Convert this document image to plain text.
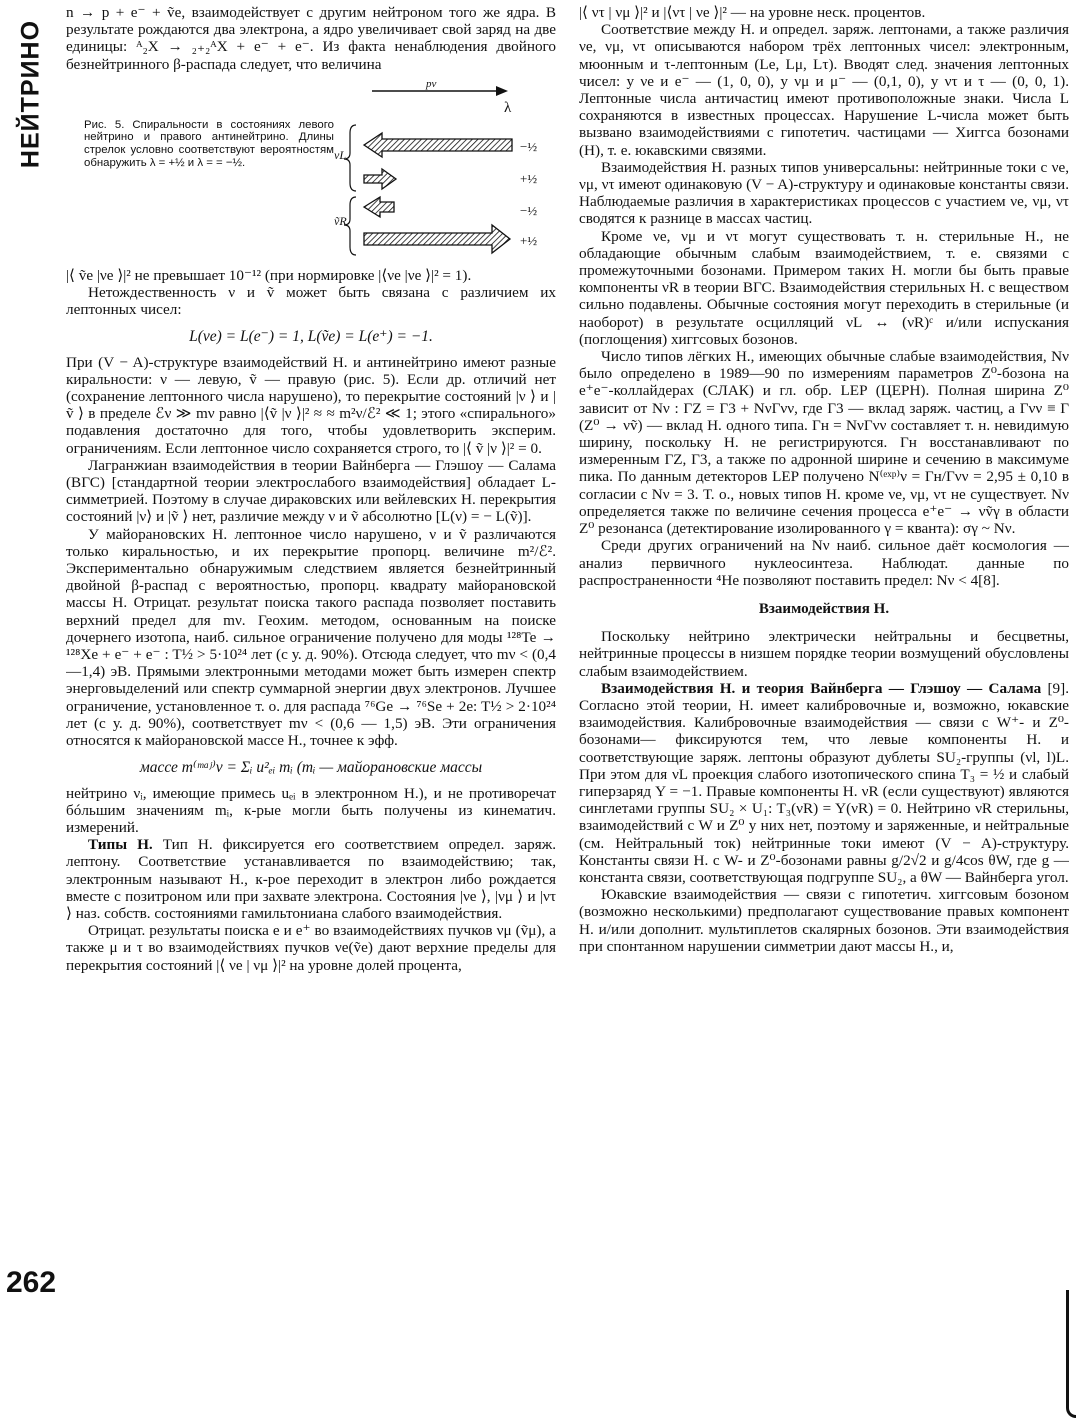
НЕЙТРИНО
262

n → p + e⁻ + ṽe, взаимодействует с другим нейтроном того же ядра. В результате рождаются два электрона, а ядро увеличивает свой заряд на две единицы: ᴬ₂X → ₂₊₂ᴬX + e⁻ + e⁻. Из факта ненаблюдения двойного безнейтринного β-распада следует, что величина

Рис. 5. Спиральности в состояниях левого нейтрино и правого антинейтрино. Длины стрелок условно соответствуют вероятностям обнаружить λ = +½ и λ = = −½.
pν
λ
νL
−½
+½
ṽR
−½
+½

|⟨ ṽe |νe ⟩|² не превышает 10⁻¹² (при нормировке |⟨νe |νe ⟩|² = 1).

Нетождественность ν и ṽ может быть связана с различием их лептонных чисел:

L(νe) = L(e⁻) = 1, L(ṽe) = L(e⁺) = −1.

При (V − A)-структуре взаимодействий Н. и антинейтрино имеют разные киральности: ν — левую, ṽ — правую (рис. 5). Если др. отличий нет (сохранение лептонного числа нарушено), то перекрытие состояний |ν ⟩ и |ṽ ⟩ в пределе ℰν ≫ mν равно |⟨ṽ |ν ⟩|² ≈ ≈ m²ν/ℰ² ≪ 1; этого «спирального» подавления достаточно для того, чтобы удовлетворить эксперим. ограничениям. Если лептонное число сохраняется строго, то |⟨ ṽ |ν ⟩|² = 0.

Лагранжиан взаимодействия в теории Вайнберга — Глэшоу — Салама (ВГС) [стандартной теории электрослабого взаимодействия] обладает L-симметрией. Поэтому в случае дираковских или вейлевских Н. перекрытия состояний |ν⟩ и |ṽ ⟩ нет, различие между ν и ṽ абсолютно [L(ν) = − L(ṽ)].

У майорановских Н. лептонное число нарушено, ν и ṽ различаются только киральностью, и их перекрытие пропорц. величине m²/ℰ². Экспериментально обнаружимым следствием является безнейтринный двойной β-распад с вероятностью, пропорц. квадрату майорановской массы Н. Отрицат. результат поиска такого распада позволяет поставить верхний предел для mν. Геохим. методом, основанным на поиске дочернего изотопа, наиб. сильное ограничение получено для моды ¹²⁸Te → ¹²⁸Xe + e⁻ + e⁻ : T½ > 5·10²⁴ лет (с у. д. 90%). Отсюда следует, что mν < (0,4—1,4) эВ. Прямыми электронными методами может быть измерен спектр энерговыделений или спектр суммарной энергии двух электронов. Лучшее ограничение, установленное т. о. для распада ⁷⁶Ge → ⁷⁶Se + 2e: T½ > 2·10²⁴ лет (с у. д. 90%), соответствует mν < (0,6 — 1,5) эВ. Эти ограничения относятся к майорановской массе Н., точнее к эфф.

массе m⁽ᵐᵃʲ⁾ν = Σᵢ u²ₑᵢ mᵢ (mᵢ — майорановские массы

нейтрино νᵢ, имеющие примесь uₑᵢ в электронном Н.), и не противоречат бóльшим значениям mᵢ, к-рые могли быть получены из кинематич. измерений.

Типы Н. Тип Н. фиксируется его соответствием определ. заряж. лептону. Соответствие устанавливается по взаимодействию; так, электронным называют Н., к-рое переходит в электрон либо рождается вместе с позитроном или при захвате электрона. Состояния |νe ⟩, |νμ ⟩ и |ντ ⟩ наз. собств. состояниями гамильтониана слабого взаимодействия.

Отрицат. результаты поиска e и e⁺ во взаимодействиях пучков νμ (ṽμ), а также μ и τ во взаимодействиях пучков νe(ṽe) дают верхние пределы для перекрытия состояний |⟨ νe | νμ ⟩|² на уровне долей процента,

|⟨ ντ | νμ ⟩|² и |⟨ντ | νe ⟩|² — на уровне неск. процентов.

Соответствие между Н. и определ. заряж. лептонами, а также различия νe, νμ, ντ описываются набором трёх лептонных чисел: электронным, мюонным и τ-лептонным (Le, Lμ, Lτ). Вводят след. значения лептонных чисел: у νe и e⁻ — (1, 0, 0), у νμ и μ⁻ — (0,1, 0), у ντ и τ — (0, 0, 1). Лептонные числа античастиц имеют противоположные знаки. Числа L сохраняются в известных процессах. Нарушение L-числа может быть вызвано взаимодействиями с гипотетич. частицами — Хиггса бозонами (Н), т. е. юкавскими связями.

Взаимодействия Н. разных типов универсальны: нейтринные токи с νe, νμ, ντ имеют одинаковую (V − A)-структуру и одинаковые константы связи. Наблюдаемые различия в характеристиках процессов с участием νe, νμ, ντ сводятся к разнице в массах частиц.

Кроме νe, νμ и ντ могут существовать т. н. стерильные Н., не обладающие обычным слабым взаимодействием, т. е. связями с промежуточными бозонами. Примером таких Н. могли бы быть правые компоненты νR в теории ВГС. Взаимодействия стерильных Н. с веществом сильно подавлены. Обычные состояния могут переходить в стерильные (и наоборот) в результате осцилляций νL ↔ (νR)ᶜ и/или испускания (поглощения) хиггсовых бозонов.

Число типов лёгких Н., имеющих обычные слабые взаимодействия, Nν было определено в 1989—90 по измерениям параметров Z⁰-бозона на e⁺e⁻-коллайдерах (СЛАК) и гл. обр. LEP (ЦЕРН). Полная ширина Z⁰ зависит от Nν : ΓZ = Γ3 + NνΓνν, где Γ3 — вклад заряж. частиц, а Γνν ≡ Γ (Z⁰ → νṽ) — вклад Н. одного типа. Γн = NνΓνν составляет т. н. невидимую ширину, поскольку Н. не регистрируются. Γн восстанавливают по измеренным ΓZ, Γ3, а также по адронной ширине и сечению в максимуме пика. По данным детекторов LEP получено N⁽ᵉˣᵖ⁾ν = Γн/Γνν = 2,95 ± 0,10 в согласии с Nν = 3. Т. о., новых типов Н. кроме νe, νμ, ντ не существует. Nν определяется также по величине сечения процесса e⁺e⁻ → νṽγ в области Z⁰ резонанса (детектирование изолированного γ = кванта): σγ ~ Nν.

Среди других ограничений на Nν наиб. сильное даёт космология — анализ первичного нуклеосинтеза. Наблюдат. данные по распространенности ⁴He позволяют поставить предел: Nν < 4[8].

Взаимодействия Н.

Поскольку нейтрино электрически нейтральны и бесцветны, нейтринные процессы в низшем порядке теории возмущений обусловлены слабым взаимодействием.

Взаимодействия Н. и теория Вайнберга — Глэшоу — Салама [9]. Согласно этой теории, Н. имеет калибровочные и, возможно, юкавские взаимодействия. Калибровочные взаимодействия — связи с W⁺- и Z⁰-бозонами— фиксируются тем, что левые компоненты Н. и соответствующие заряж. лептоны образуют дублеты SU₂-группы (νl, l)L. При этом для νL проекция слабого изотопического спина T₃ = ½ и слабый гиперзаряд Y = −1. Правые компоненты Н. νR (если существуют) являются синглетами группы SU₂ × U₁: T₃(νR) = Y(νR) = 0. Нейтрино νR стерильны, взаимодействий с W и Z⁰ у них нет, поэтому и заряженные, и нейтральные (см. Нейтральный ток) нейтринные токи имеют (V − A)-структуру. Константы связи Н. с W- и Z⁰-бозонами равны g/2√2 и g/4cos θW, где g — константа связи, соответствующая подгруппе SU₂, а θW — Вайнберга угол.

Юкавские взаимодействия — связи с гипотетич. хиггсовым бозоном (возможно несколькими) предполагают существование правых компонент Н. и/или дополнит. мультиплетов скалярных бозонов. Эти взаимодействия при спонтанном нарушении симметрии дают массы Н., и,
